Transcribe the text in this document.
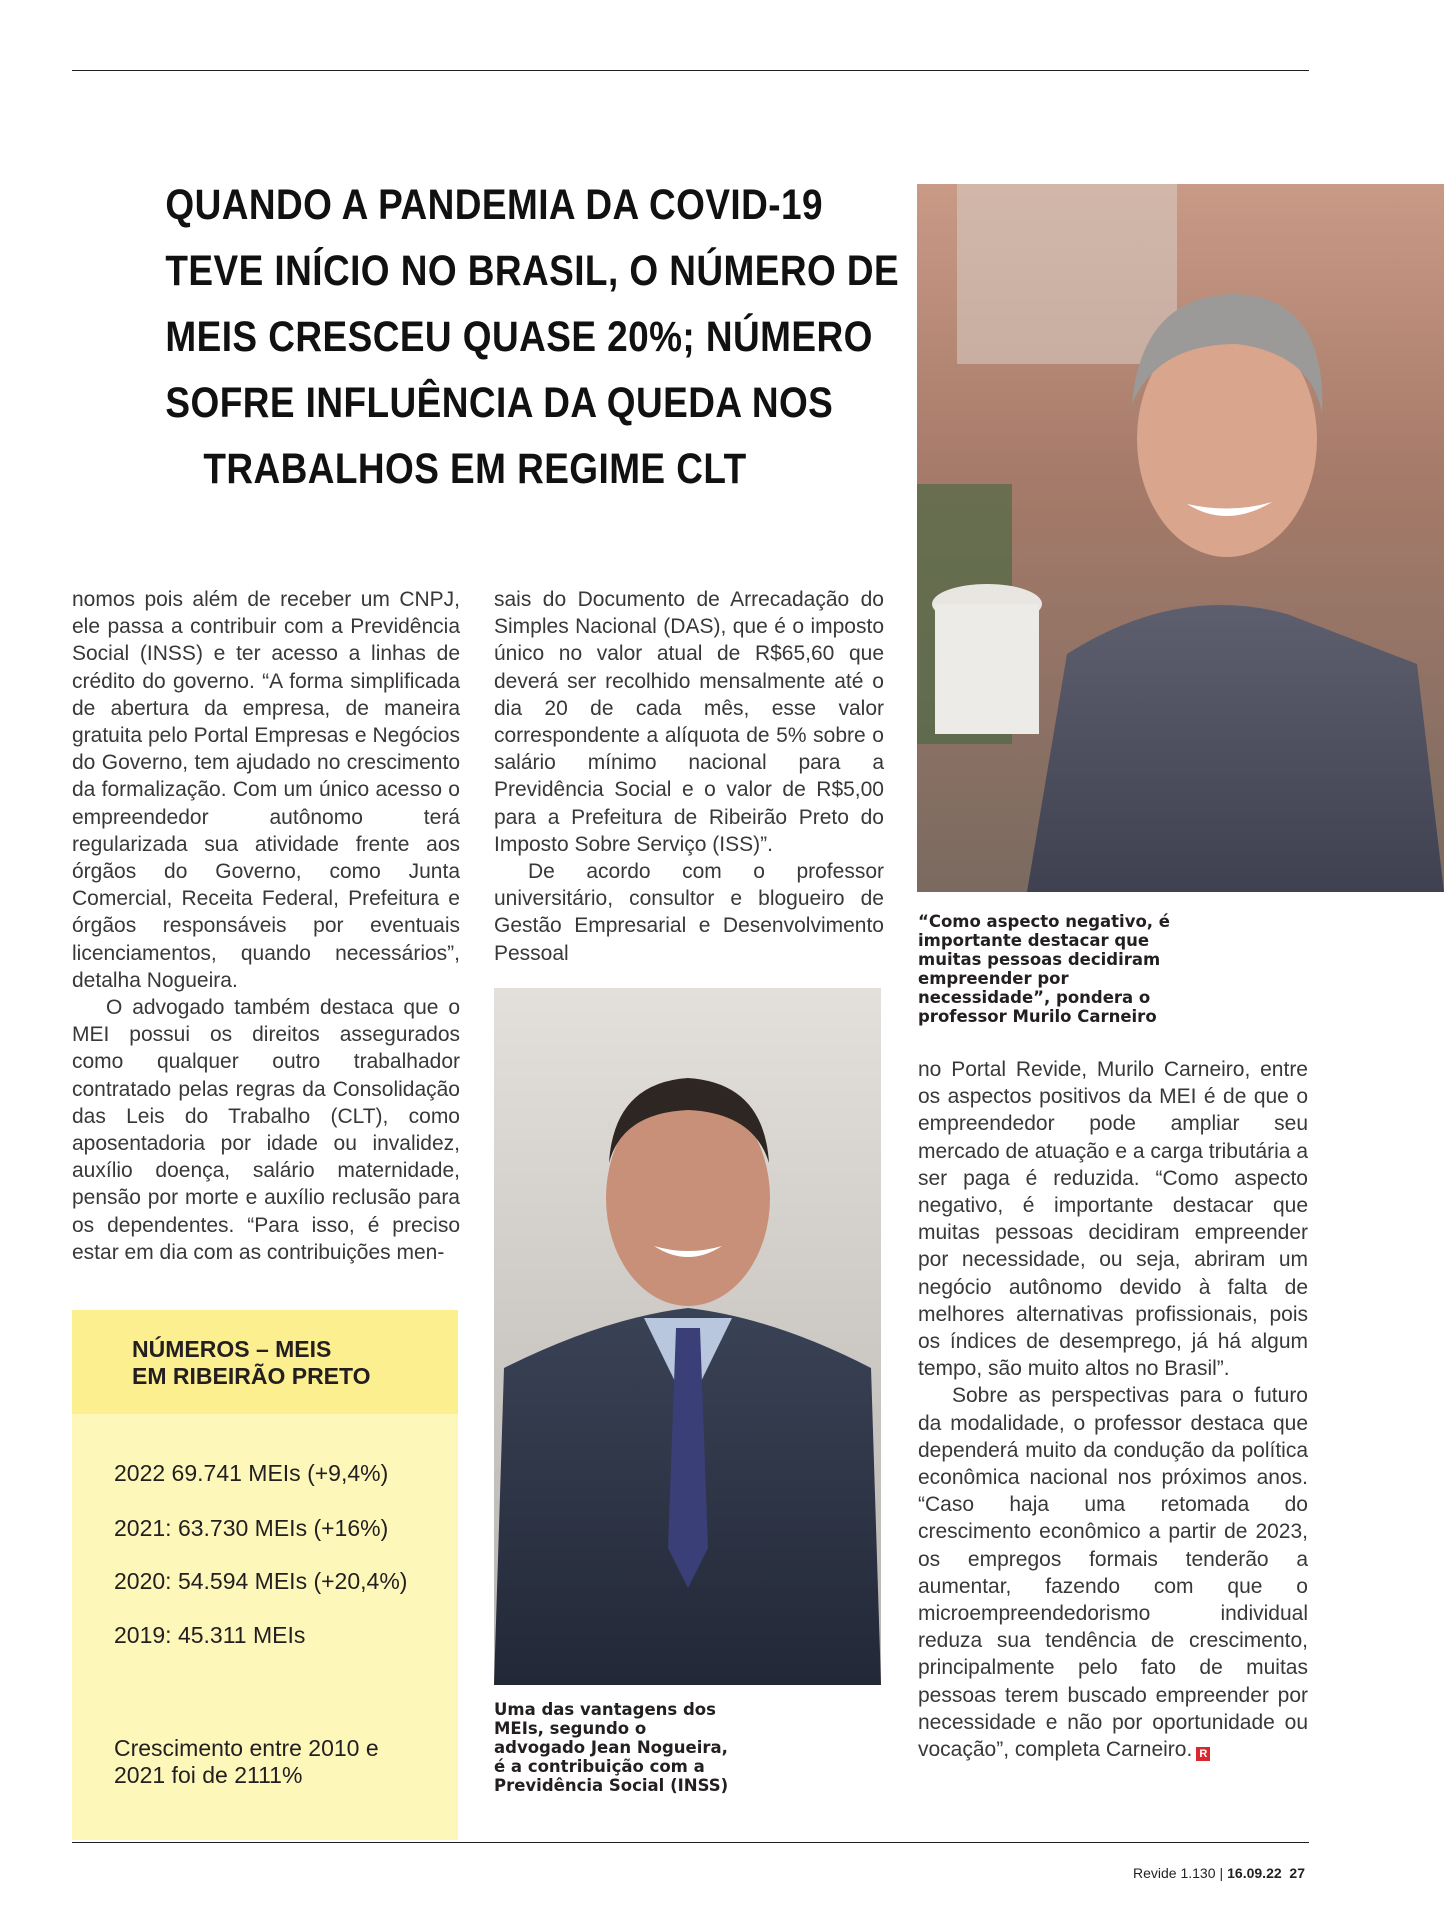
QUANDO A PANDEMIA DA COVID-19
TEVE INÍCIO NO BRASIL, O NÚMERO DE
MEIS CRESCEU QUASE 20%; NÚMERO
SOFRE INFLUÊNCIA DA QUEDA NOS
TRABALHOS EM REGIME CLT
“Como aspecto negativo, é importante destacar que muitas pessoas decidiram empreender por necessidade”, pondera o professor Murilo Carneiro

nomos pois além de receber um CNPJ, ele passa a contribuir com a Previdência Social (INSS) e ter acesso a linhas de crédito do governo. “A forma simplificada de abertura da empresa, de maneira gratuita pelo Portal Empresas e Negócios do Governo, tem ajudado no crescimento da formalização. Com um único acesso o empreendedor autônomo terá regularizada sua atividade frente aos órgãos do Governo, como Junta Comercial, Receita Federal, Prefeitura e órgãos responsáveis por eventuais licenciamentos, quando necessários”, detalha Nogueira.

O advogado também destaca que o MEI possui os direitos assegurados como qualquer outro trabalhador contratado pelas regras da Consolidação das Leis do Trabalho (CLT), como aposentadoria por idade ou invalidez, auxílio doença, salário maternidade, pensão por morte e auxílio reclusão para os dependentes. “Para isso, é preciso estar em dia com as contribuições men-

sais do Documento de Arrecadação do Simples Nacional (DAS), que é o imposto único no valor atual de R$65,60 que deverá ser recolhido mensalmente até o dia 20 de cada mês, esse valor correspondente a alíquota de 5% sobre o salário mínimo nacional para a Previdência Social e o valor de R$5,00 para a Prefeitura de Ribeirão Preto do Imposto Sobre Serviço (ISS)”.

De acordo com o professor universitário, consultor e blogueiro de Gestão Empresarial e Desenvolvimento Pessoal

Uma das vantagens dos MEIs, segundo o advogado Jean Nogueira, é a contribuição com a Previdência Social (INSS)

no Portal Revide, Murilo Carneiro, entre os aspectos positivos da MEI é de que o empreendedor pode ampliar seu mercado de atuação e a carga tributária a ser paga é reduzida. “Como aspecto negativo, é importante destacar que muitas pessoas decidiram empreender por necessidade, ou seja, abriram um negócio autônomo devido à falta de melhores alternativas profissionais, pois os índices de desemprego, já há algum tempo, são muito altos no Brasil”.

Sobre as perspectivas para o futuro da modalidade, o professor destaca que dependerá muito da condução da política econômica nacional nos próximos anos. “Caso haja uma retomada do crescimento econômico a partir de 2023, os empregos formais tenderão a aumentar, fazendo com que o microempreendedorismo individual reduza sua tendência de crescimento, principalmente pelo fato de muitas pessoas terem buscado empreender por necessidade e não por oportunidade ou vocação”, completa Carneiro. R

NÚMEROS – MEIS
EM RIBEIRÃO PRETO
2022 69.741 MEIs (+9,4%)
2021: 63.730 MEIs (+16%)
2020: 54.594 MEIs (+20,4%)
2019: 45.311 MEIs
Crescimento entre 2010 e 2021 foi de 2111%
Revide 1.130 | 16.09.22 27
